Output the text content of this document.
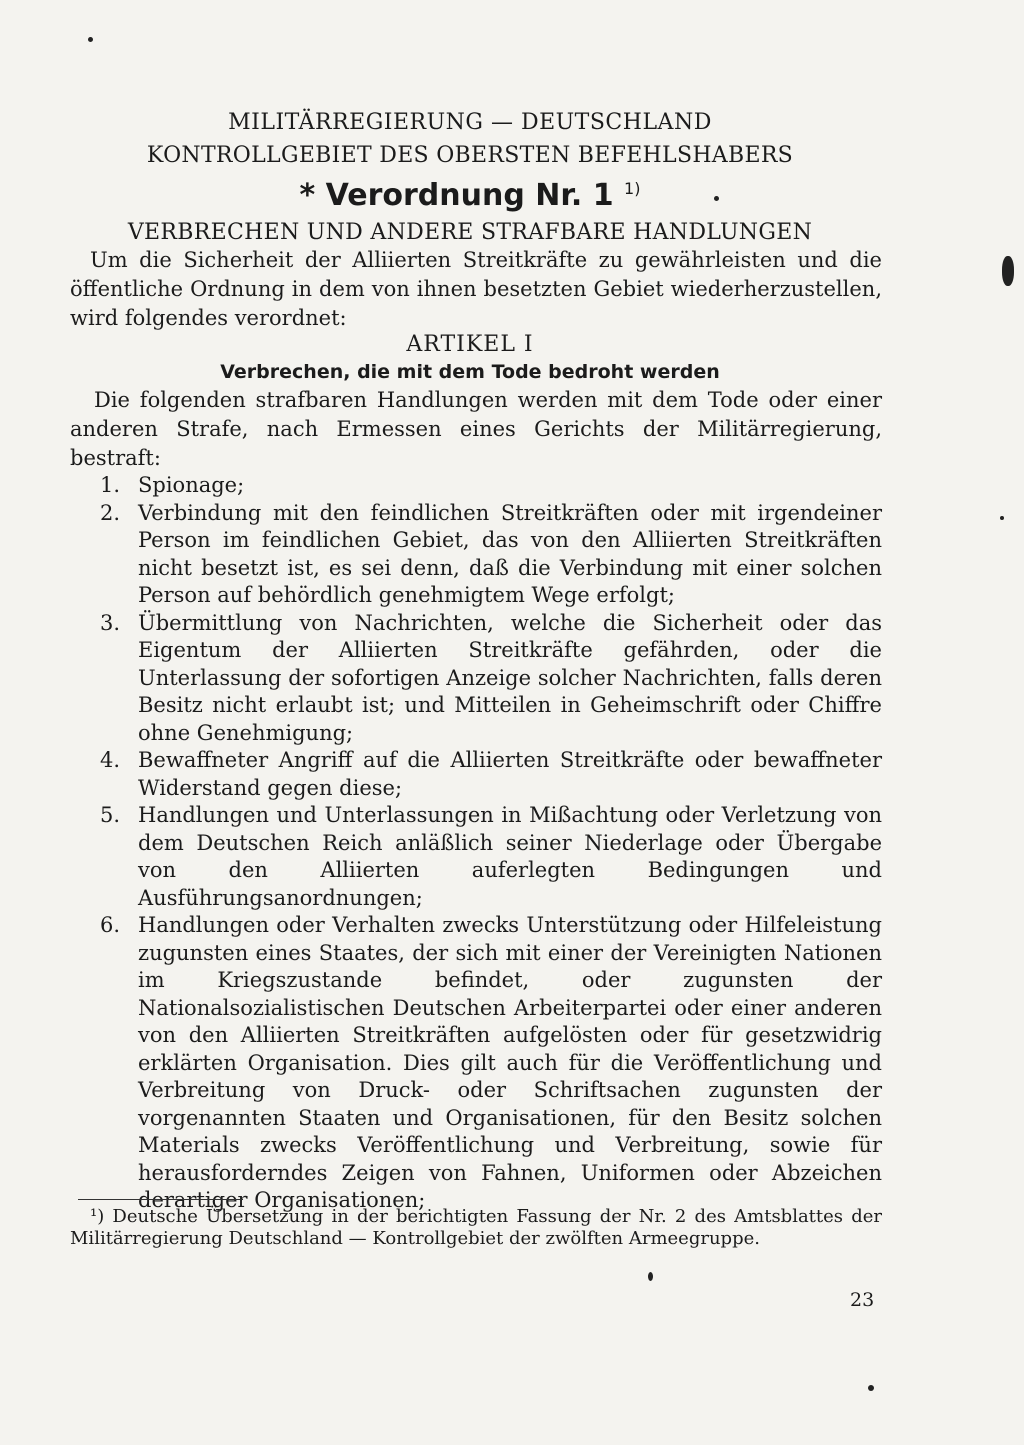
MILITÄRREGIERUNG — DEUTSCHLAND
KONTROLLGEBIET DES OBERSTEN BEFEHLSHABERS
* Verordnung Nr. 1 $^{1)}$
VERBRECHEN UND ANDERE STRAFBARE HANDLUNGEN
Um die Sicherheit der Alliierten Streitkräfte zu gewährleisten und die öffentliche Ordnung in dem von ihnen besetzten Gebiet wiederherzustellen, wird folgendes verordnet:
ARTIKEL I
Verbrechen, die mit dem Tode bedroht werden
Die folgenden strafbaren Handlungen werden mit dem Tode oder einer anderen Strafe, nach Ermessen eines Gerichts der Militärregierung, bestraft:
1. Spionage;
2. Verbindung mit den feindlichen Streitkräften oder mit irgendeiner Person im feindlichen Gebiet, das von den Alliierten Streitkräften nicht besetzt ist, es sei denn, daß die Verbindung mit einer solchen Person auf behördlich genehmigtem Wege erfolgt;
3. Übermittlung von Nachrichten, welche die Sicherheit oder das Eigentum der Alliierten Streitkräfte gefährden, oder die Unterlassung der sofortigen Anzeige solcher Nachrichten, falls deren Besitz nicht erlaubt ist; und Mitteilen in Geheimschrift oder Chiffre ohne Genehmigung;
4. Bewaffneter Angriff auf die Alliierten Streitkräfte oder bewaffneter Widerstand gegen diese;
5. Handlungen und Unterlassungen in Mißachtung oder Verletzung von dem Deutschen Reich anläßlich seiner Niederlage oder Übergabe von den Alliierten auferlegten Bedingungen und Ausführungsanordnungen;
6. Handlungen oder Verhalten zwecks Unterstützung oder Hilfeleistung zugunsten eines Staates, der sich mit einer der Vereinigten Nationen im Kriegszustande befindet, oder zugunsten der Nationalsozialistischen Deutschen Arbeiterpartei oder einer anderen von den Alliierten Streitkräften aufgelösten oder für gesetzwidrig erklärten Organisation. Dies gilt auch für die Veröffentlichung und Verbreitung von Druck- oder Schriftsachen zugunsten der vorgenannten Staaten und Organisationen, für den Besitz solchen Materials zwecks Veröffentlichung und Verbreitung, sowie für herausforderndes Zeigen von Fahnen, Uniformen oder Abzeichen derartiger Organisationen;
¹) Deutsche Übersetzung in der berichtigten Fassung der Nr. 2 des Amtsblattes der Militärregierung Deutschland — Kontrollgebiet der zwölften Armeegruppe.
23
